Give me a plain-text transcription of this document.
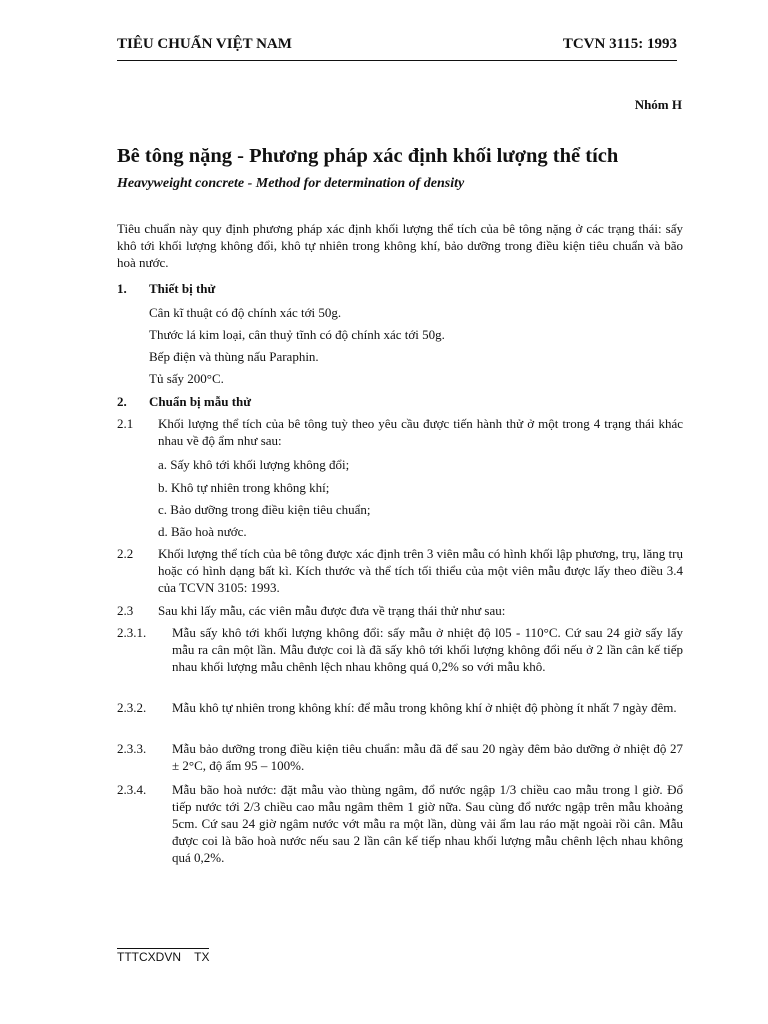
TIÊU CHUẨN VIỆT NAM	TCVN 3115: 1993
Nhóm H
Bê tông nặng - Phương pháp xác định khối lượng thể tích
Heavyweight concrete - Method for determination of density
Tiêu chuẩn này quy định phương pháp xác định khối lượng thể tích của bê tông nặng ở các trạng thái: sấy khô tới khối lượng không đổi, khô tự nhiên trong không khí, bảo dưỡng trong điều kiện tiêu chuẩn và bão hoà nước.
1. Thiết bị thử
Cân kĩ thuật có độ chính xác tới 50g.
Thước lá kim loại, cân thuỷ tĩnh có độ chính xác tới 50g.
Bếp điện và thùng nấu Paraphin.
Tủ sấy 200°C.
2. Chuẩn bị mẫu thử
2.1 Khối lượng thể tích của bê tông tuỳ theo yêu cầu được tiến hành thử ở một trong 4 trạng thái khác nhau về độ ẩm như sau:
a. Sấy khô tới khối lượng không đổi;
b. Khô tự nhiên trong không khí;
c. Bảo dưỡng trong điều kiện tiêu chuẩn;
d. Bão hoà nước.
2.2 Khối lượng thể tích của bê tông được xác định trên 3 viên mẫu có hình khối lập phương, trụ, lăng trụ hoặc có hình dạng bất kì. Kích thước và thể tích tối thiểu của một viên mẫu được lấy theo điều 3.4 của TCVN 3105: 1993.
2.3 Sau khi lấy mẫu, các viên mẫu được đưa về trạng thái thử như sau:
2.3.1. Mẫu sấy khô tới khối lượng không đổi: sấy mẫu ở nhiệt độ l05 - 110°C. Cứ sau 24 giờ sấy lấy mẫu ra cân một lần. Mẫu được coi là đã sấy khô tới khối lượng không đổi nếu ở 2 lần cân kế tiếp nhau khối lượng mẫu chênh lệch nhau không quá 0,2% so với mẫu khô.
2.3.2. Mẫu khô tự nhiên trong không khí: để mẫu trong không khí ở nhiệt độ phòng ít nhất 7 ngày đêm.
2.3.3. Mẫu bảo dưỡng trong điều kiện tiêu chuẩn: mẫu đã để sau 20 ngày đêm bảo dưỡng ở nhiệt độ 27 ± 2°C, độ ẩm 95 – 100%.
2.3.4. Mẫu bão hoà nước: đặt mẫu vào thùng ngâm, đổ nước ngập 1/3 chiều cao mẫu trong l giờ. Đổ tiếp nước tới 2/3 chiều cao mẫu ngâm thêm 1 giờ nữa. Sau cùng đổ nước ngập trên mẫu khoảng 5cm. Cứ sau 24 giờ ngâm nước vớt mẫu ra một lần, dùng vải ẩm lau ráo mặt ngoài rồi cân. Mẫu được coi là bão hoà nước nếu sau 2 lần cân kế tiếp nhau khối lượng mẫu chênh lệch nhau không quá 0,2%.
TTTCXDVN    TX
